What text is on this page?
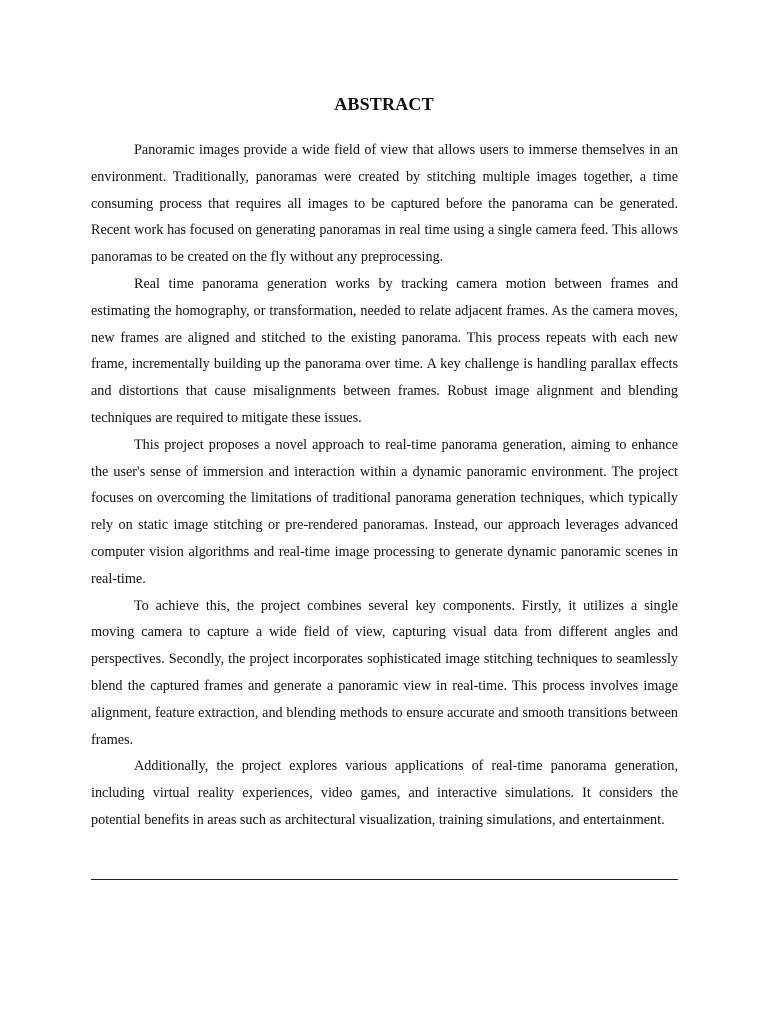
ABSTRACT

Panoramic images provide a wide field of view that allows users to immerse themselves in an environment. Traditionally, panoramas were created by stitching multiple images together, a time consuming process that requires all images to be captured before the panorama can be generated. Recent work has focused on generating panoramas in real time using a single camera feed. This allows panoramas to be created on the fly without any preprocessing.

Real time panorama generation works by tracking camera motion between frames and estimating the homography, or transformation, needed to relate adjacent frames. As the camera moves, new frames are aligned and stitched to the existing panorama. This process repeats with each new frame, incrementally building up the panorama over time. A key challenge is handling parallax effects and distortions that cause misalignments between frames. Robust image alignment and blending techniques are required to mitigate these issues.

This project proposes a novel approach to real-time panorama generation, aiming to enhance the user's sense of immersion and interaction within a dynamic panoramic environment. The project focuses on overcoming the limitations of traditional panorama generation techniques, which typically rely on static image stitching or pre-rendered panoramas. Instead, our approach leverages advanced computer vision algorithms and real-time image processing to generate dynamic panoramic scenes in real-time.

To achieve this, the project combines several key components. Firstly, it utilizes a single moving camera to capture a wide field of view, capturing visual data from different angles and perspectives. Secondly, the project incorporates sophisticated image stitching techniques to seamlessly blend the captured frames and generate a panoramic view in real-time. This process involves image alignment, feature extraction, and blending methods to ensure accurate and smooth transitions between frames.

Additionally, the project explores various applications of real-time panorama generation, including virtual reality experiences, video games, and interactive simulations. It considers the potential benefits in areas such as architectural visualization, training simulations, and entertainment.
